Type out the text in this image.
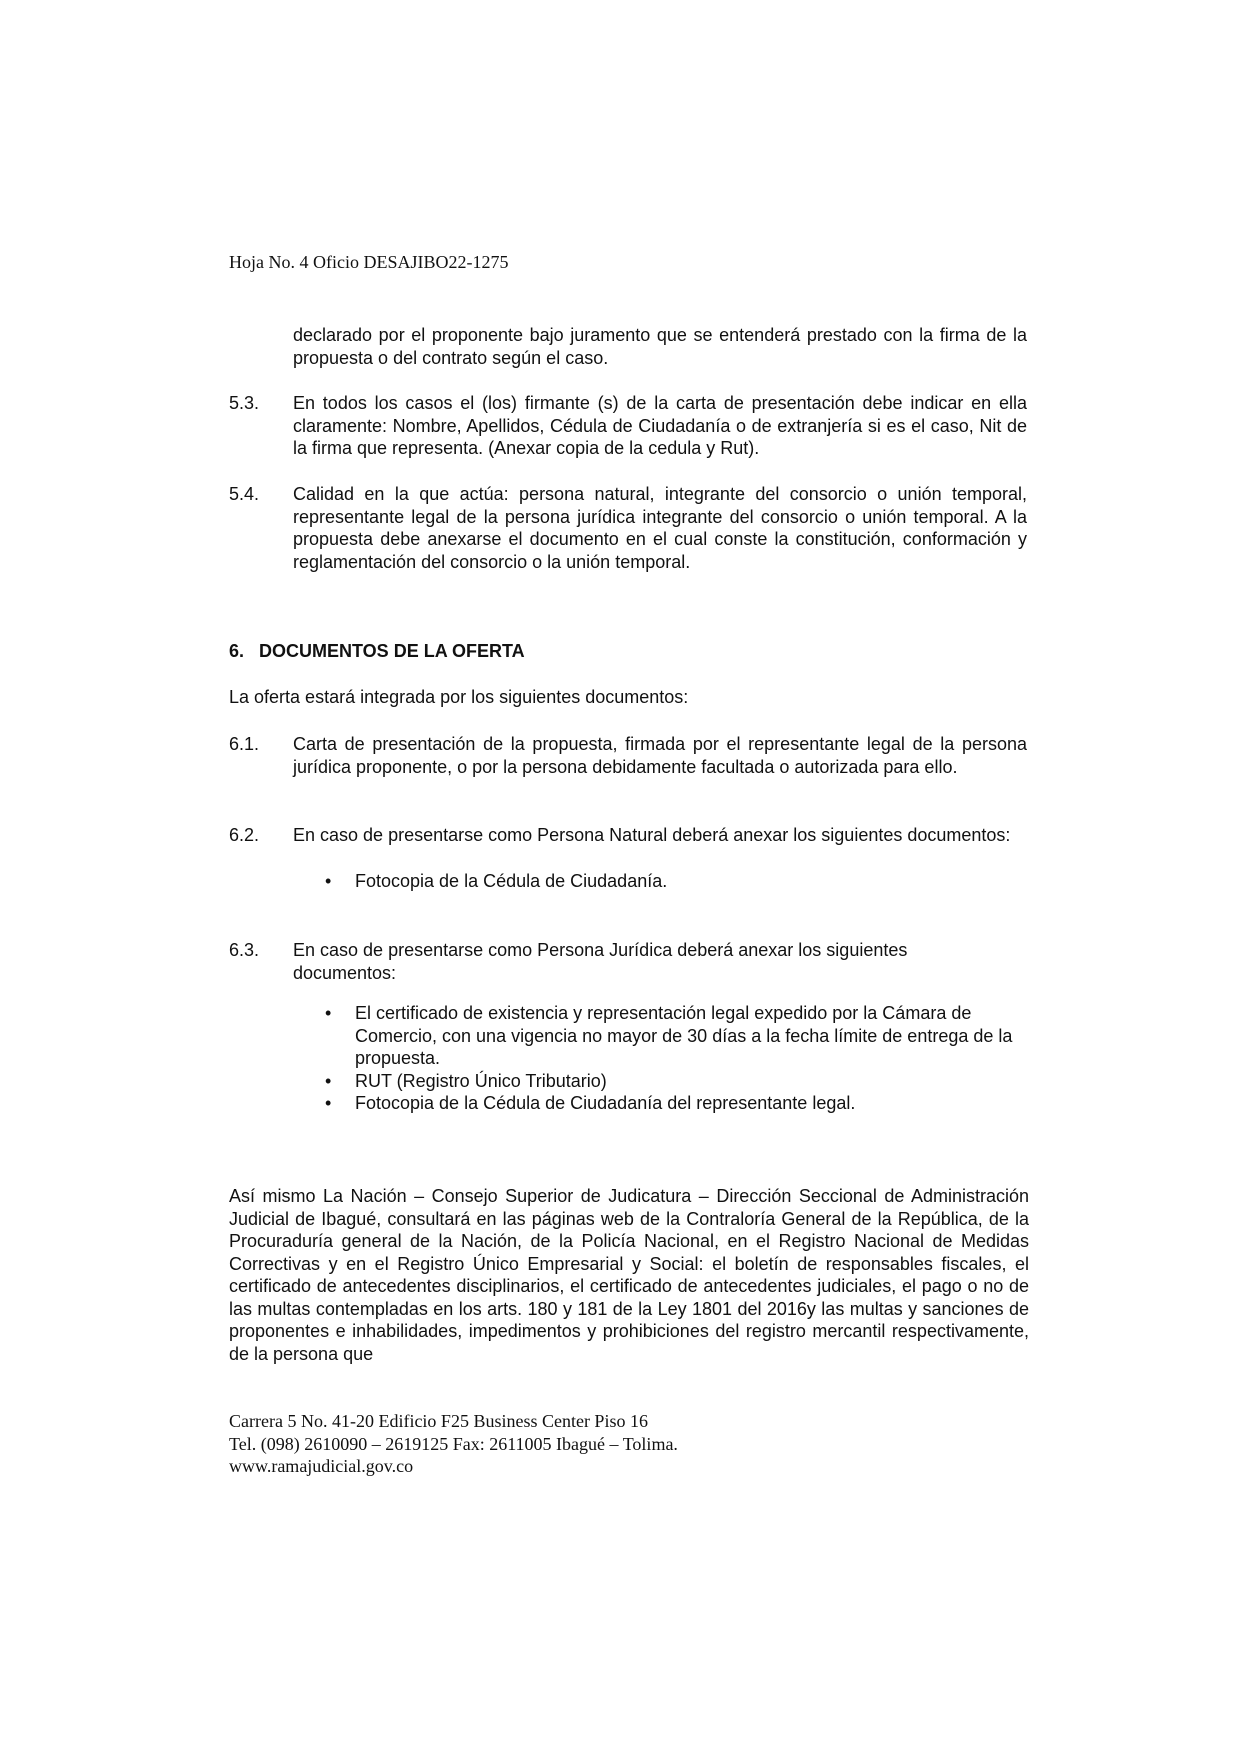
Hoja No. 4 Oficio DESAJIBO22-1275
declarado por el proponente bajo juramento que se entenderá prestado con la firma de la propuesta o del contrato según el caso.
5.3. En todos los casos el (los) firmante (s) de la carta de presentación debe indicar en ella claramente: Nombre, Apellidos, Cédula de Ciudadanía o de extranjería si es el caso, Nit de la firma que representa. (Anexar copia de la cedula y Rut).
5.4. Calidad en la que actúa: persona natural, integrante del consorcio o unión temporal, representante legal de la persona jurídica integrante del consorcio o unión temporal. A la propuesta debe anexarse el documento en el cual conste la constitución, conformación y reglamentación del consorcio o la unión temporal.
6.   DOCUMENTOS DE LA OFERTA
La oferta estará integrada por los siguientes documentos:
6.1. Carta de presentación de la propuesta, firmada por el representante legal de la persona jurídica proponente, o por la persona debidamente facultada o autorizada para ello.
6.2. En caso de presentarse como Persona Natural deberá anexar los siguientes documentos:
• Fotocopia de la Cédula de Ciudadanía.
6.3. En caso de presentarse como Persona Jurídica deberá anexar los siguientes documentos:
• El certificado de existencia y representación legal expedido por la Cámara de Comercio, con una vigencia no mayor de 30 días a la fecha límite de entrega de la propuesta.
• RUT (Registro Único Tributario)
• Fotocopia de la Cédula de Ciudadanía del representante legal.
Así mismo La Nación – Consejo Superior de Judicatura – Dirección Seccional de Administración Judicial de Ibagué, consultará en las páginas web de la Contraloría General de la República, de la Procuraduría general de la Nación, de la Policía Nacional, en el Registro Nacional de Medidas Correctivas y en el Registro Único Empresarial y Social: el boletín de responsables fiscales, el certificado de antecedentes disciplinarios, el certificado de antecedentes judiciales, el pago o no de las multas contempladas en los arts. 180 y 181 de la Ley 1801 del 2016y las multas y sanciones de proponentes e inhabilidades, impedimentos y prohibiciones del registro mercantil respectivamente, de la persona que
Carrera 5 No. 41-20 Edificio F25 Business Center Piso 16
Tel. (098) 2610090 – 2619125 Fax: 2611005 Ibagué – Tolima.
www.ramajudicial.gov.co
